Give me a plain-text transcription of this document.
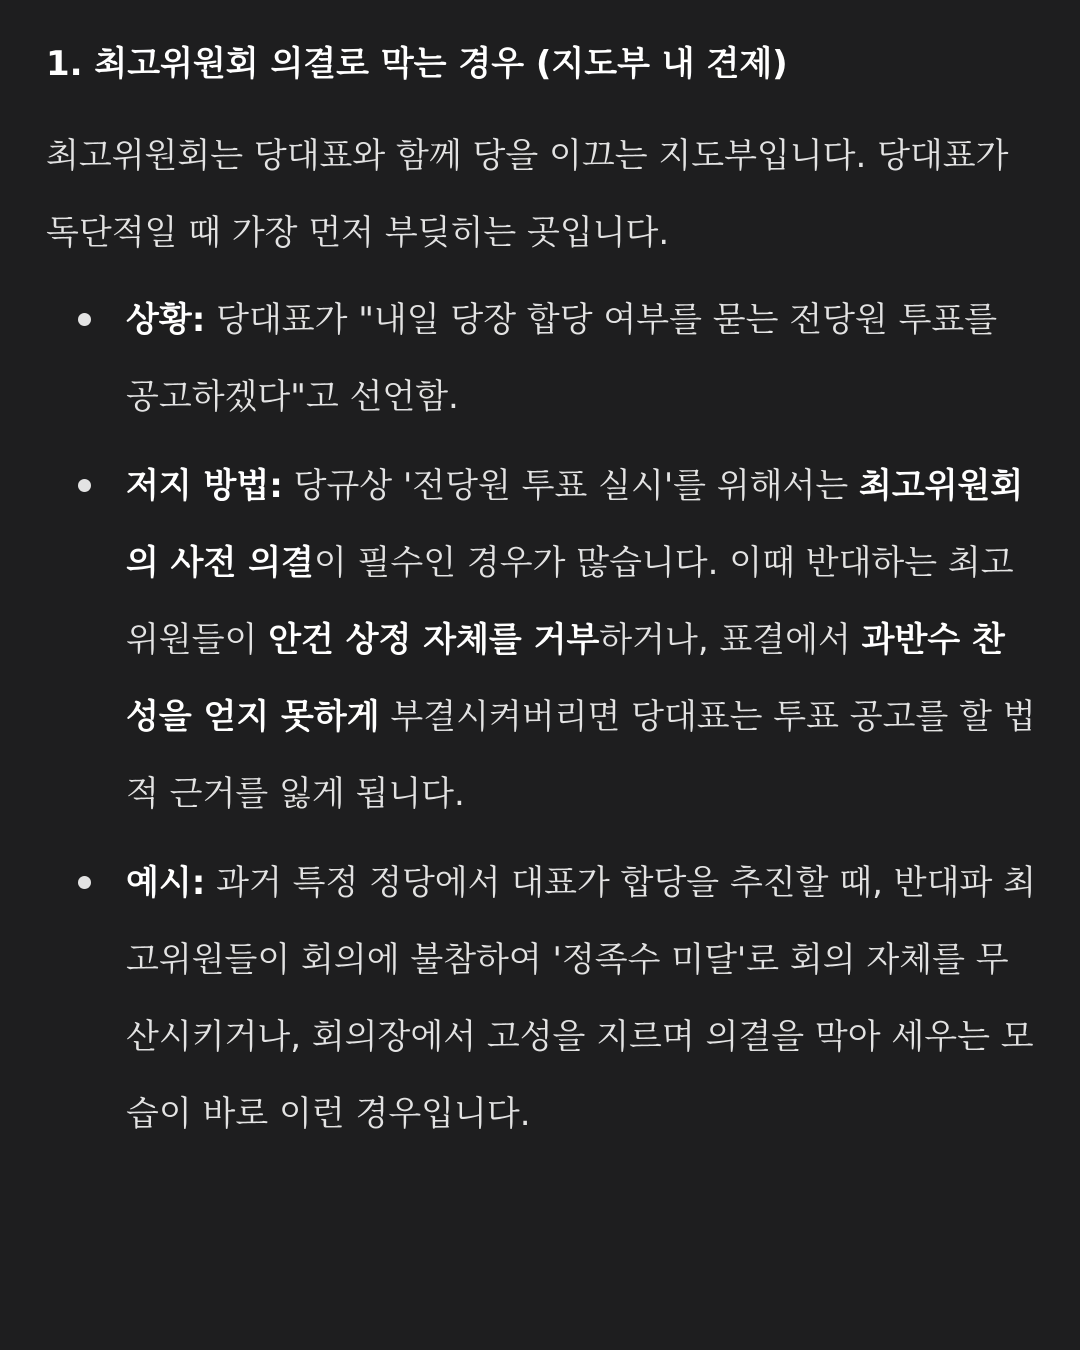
1. 최고위원회 의결로 막는 경우 (지도부 내 견제)

최고위원회는 당대표와 함께 당을 이끄는 지도부입니다. 당대표가 독단적일 때 가장 먼저 부딪히는 곳입니다.

상황: 당대표가 "내일 당장 합당 여부를 묻는 전당원 투표를 공고하겠다"고 선언함.
저지 방법: 당규상 '전당원 투표 실시'를 위해서는 최고위원회의 사전 의결이 필수인 경우가 많습니다. 이때 반대하는 최고위원들이 안건 상정 자체를 거부하거나, 표결에서 과반수 찬성을 얻지 못하게 부결시켜버리면 당대표는 투표 공고를 할 법적 근거를 잃게 됩니다.
예시: 과거 특정 정당에서 대표가 합당을 추진할 때, 반대파 최고위원들이 회의에 불참하여 '정족수 미달'로 회의 자체를 무산시키거나, 회의장에서 고성을 지르며 의결을 막아 세우는 모습이 바로 이런 경우입니다.
